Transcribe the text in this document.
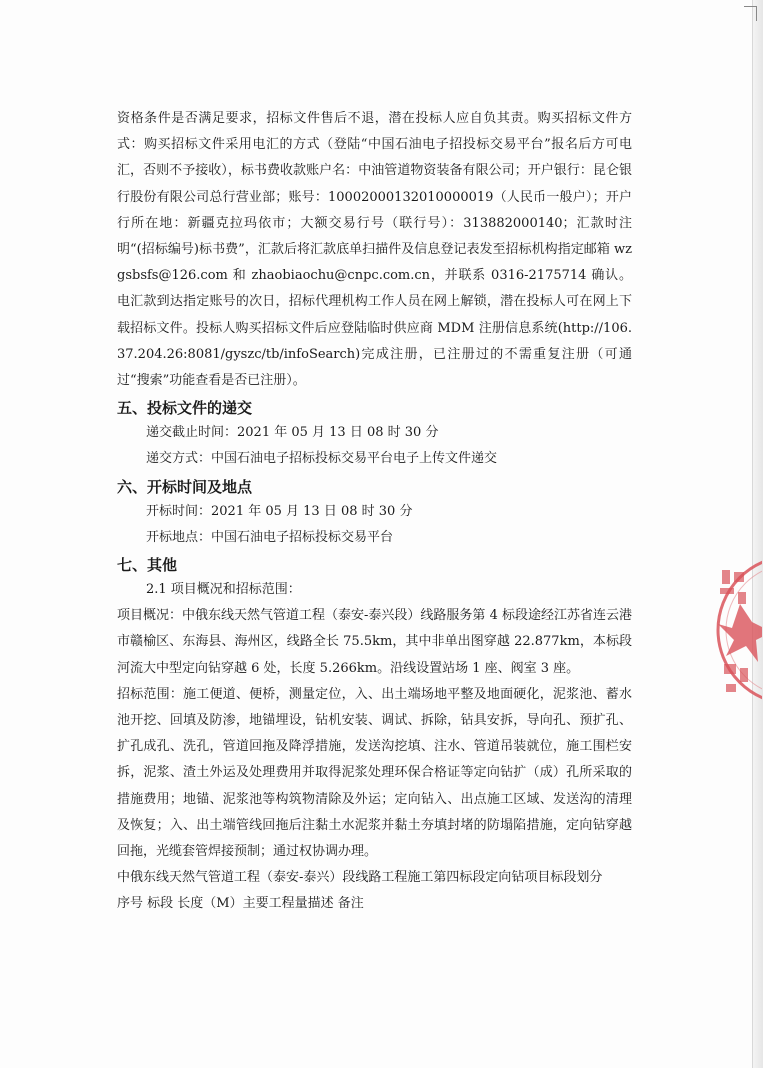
资格条件是否满足要求，招标文件售后不退，潜在投标人应自负其责。购买招标文件方式：购买招标文件采用电汇的方式（登陆“中国石油电子招投标交易平台”报名后方可电汇，否则不予接收），标书费收款账户名：中油管道物资装备有限公司；开户银行：昆仑银行股份有限公司总行营业部；账号：10002000132010000019（人民币一般户）；开户行所在地：新疆克拉玛依市；大额交易行号（联行号）：313882000140；汇款时注明“(招标编号)标书费”，汇款后将汇款底单扫描件及信息登记表发至招标机构指定邮箱 wzgsbsfs@126.com 和 zhaobiaochu@cnpc.com.cn，并联系 0316-2175714 确认。电汇款到达指定账号的次日，招标代理机构工作人员在网上解锁，潜在投标人可在网上下载招标文件。投标人购买招标文件后应登陆临时供应商 MDM 注册信息系统(http://106.37.204.26:8081/gyszc/tb/infoSearch)完成注册，已注册过的不需重复注册（可通过“搜索”功能查看是否已注册）。

五、投标文件的递交

递交截止时间：2021 年 05 月 13 日 08 时 30 分

递交方式：中国石油电子招标投标交易平台电子上传文件递交

六、开标时间及地点

开标时间：2021 年 05 月 13 日 08 时 30 分

开标地点：中国石油电子招标投标交易平台

七、其他

2.1 项目概况和招标范围：

项目概况：中俄东线天然气管道工程（泰安-泰兴段）线路服务第 4 标段途经江苏省连云港市赣榆区、东海县、海州区，线路全长 75.5km，其中非单出图穿越 22.877km，本标段河流大中型定向钻穿越 6 处，长度 5.266km。沿线设置站场 1 座、阀室 3 座。

招标范围：施工便道、便桥，测量定位，入、出土端场地平整及地面硬化，泥浆池、蓄水池开挖、回填及防渗，地锚埋设，钻机安装、调试、拆除，钻具安拆，导向孔、预扩孔、扩孔成孔、洗孔，管道回拖及降浮措施，发送沟挖填、注水、管道吊装就位，施工围栏安拆，泥浆、渣土外运及处理费用并取得泥浆处理环保合格证等定向钻扩（成）孔所采取的措施费用；地锚、泥浆池等构筑物清除及外运；定向钻入、出点施工区域、发送沟的清理及恢复；入、出土端管线回拖后注黏土水泥浆并黏土夯填封堵的防塌陷措施，定向钻穿越回拖，光缆套管焊接预制；通过权协调办理。

中俄东线天然气管道工程（泰安-泰兴）段线路工程施工第四标段定向钻项目标段划分

序号 标段 长度（M）主要工程量描述 备注
